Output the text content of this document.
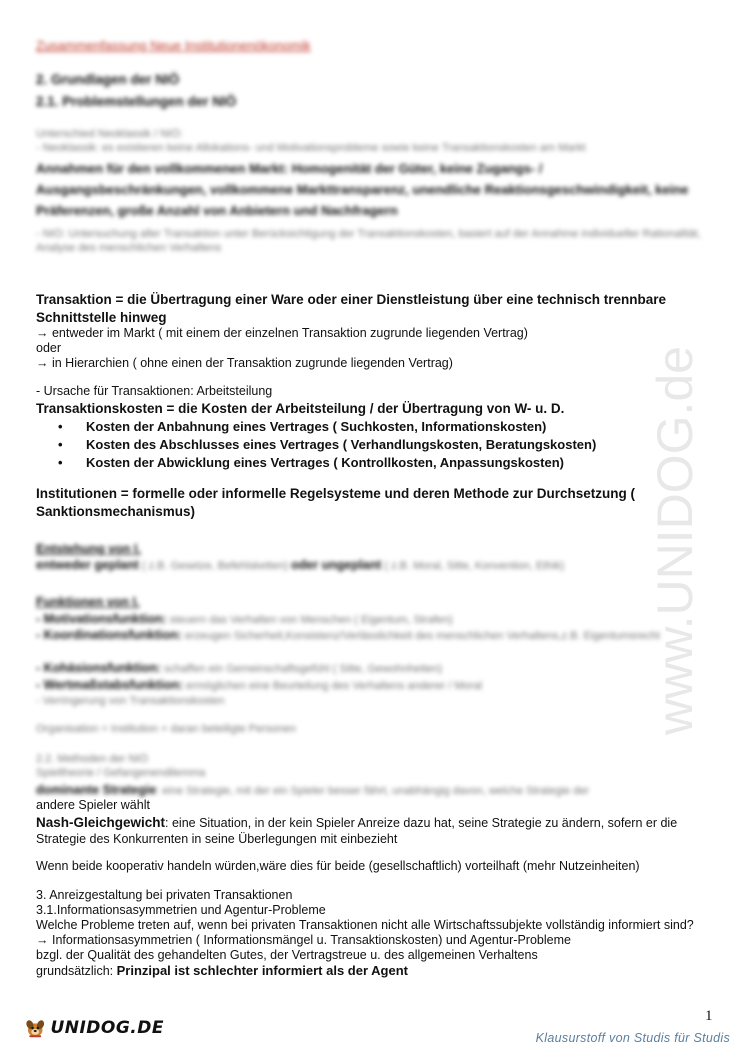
www.UNIDOG.de
Zusammenfassung Neue Institutionenökonomik
2. Grundlagen der NIÖ
2.1. Problemstellungen der NIÖ
Unterschied Neoklassik / NIÖ:
- Neoklassik: es existieren keine Allokations- und Motivationsprobleme sowie keine Transaktionskosten am Markt
Annahmen für den vollkommenen Markt: Homogenität der Güter, keine Zugangs- / Ausgangsbeschränkungen, vollkommene Markttransparenz, unendliche Reaktionsgeschwindigkeit, keine Präferenzen, große Anzahl von Anbietern und Nachfragern
- NIÖ: Untersuchung aller Transaktion unter Berücksichtigung der Transaktionskosten, basiert auf der Annahme individueller Rationalität, Analyse des menschlichen Verhaltens
Transaktion = die Übertragung einer Ware oder einer Dienstleistung über eine technisch trennbare Schnittstelle hinweg
→ entweder im Markt ( mit einem der einzelnen Transaktion zugrunde liegenden Vertrag)
oder
→ in Hierarchien ( ohne einen der Transaktion zugrunde liegenden Vertrag)
- Ursache für Transaktionen: Arbeitsteilung
Transaktionskosten = die Kosten der Arbeitsteilung / der Übertragung von W- u. D.
• Kosten der Anbahnung eines Vertrages ( Suchkosten, Informationskosten)
• Kosten des Abschlusses eines Vertrages ( Verhandlungskosten, Beratungskosten)
• Kosten der Abwicklung eines Vertrages ( Kontrollkosten, Anpassungskosten)
Institutionen = formelle oder informelle Regelsysteme und deren Methode zur Durchsetzung ( Sanktionsmechanismus)
Entstehung von I.
entweder geplant ( z.B. Gesetze, Befehlsketten) oder ungeplant ( z.B. Moral, Sitte, Konvention, Ethik)
Funktionen von I.
- Motivationsfunktion: steuern das Verhalten von Menschen ( Eigentum, Strafen)
- Koordinationsfunktion: erzeugen Sicherheit,Konsistenz/Verlässlichkeit des menschlichen Verhaltens,z.B. Eigentumsrecht
- Kohäsionsfunktion: schaffen ein Gemeinschaftsgefühl ( Sitte, Gewohnheiten)
- Wertmaßstabsfunktion: ermöglichen eine Beurteilung des Verhaltens anderer / Moral
- Verringerung von Transaktionskosten
Organisation = Institution + daran beteiligte Personen
2.2. Methoden der NIÖ
Spieltheorie / Gefangenendilemma
dominante Strategie: eine Strategie, mit der ein Spieler besser fährt, unabhängig davon, welche Strategie der
andere Spieler wählt
Nash-Gleichgewicht: eine Situation, in der kein Spieler Anreize dazu hat, seine Strategie zu ändern, sofern er die Strategie des Konkurrenten in seine Überlegungen mit einbezieht
Wenn beide kooperativ handeln würden,wäre dies für beide (gesellschaftlich) vorteilhaft (mehr Nutzeinheiten)
3. Anreizgestaltung bei privaten Transaktionen
3.1.Informationsasymmetrien und Agentur-Probleme
Welche Probleme treten auf, wenn bei privaten Transaktionen nicht alle Wirtschaftssubjekte vollständig informiert sind?
→ Informationsasymmetrien ( Informationsmängel u. Transaktionskosten) und Agentur-Probleme
bzgl. der Qualität des gehandelten Gutes, der Vertragstreue u. des allgemeinen Verhaltens
grundsätzlich: Prinzipal ist schlechter informiert als der Agent
1
UNIDOG.DE	Klausurstoff von Studis für Studis
